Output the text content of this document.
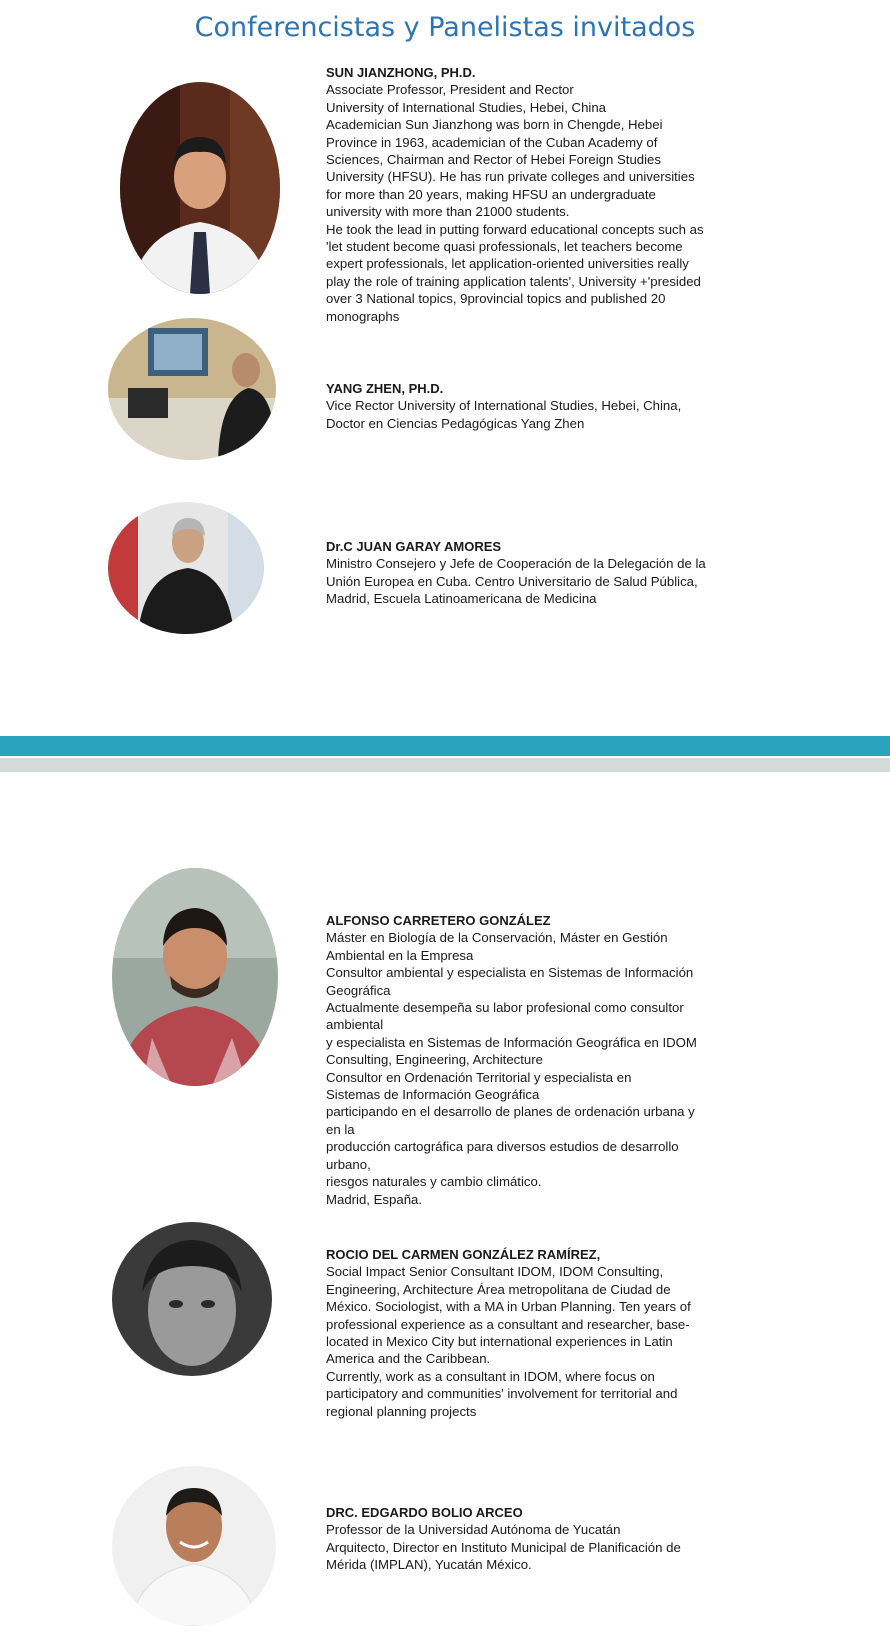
Conferencistas y Panelistas invitados
SUN JIANZHONG, PH.D.
Associate Professor, President and Rector
University of International Studies, Hebei, China
Academician Sun Jianzhong was born in Chengde, Hebei
Province in 1963, academician of the Cuban Academy of
Sciences, Chairman and Rector of Hebei Foreign Studies
University (HFSU). He has run private colleges and universities
for more than 20 years, making HFSU an undergraduate
university with more than 21000 students.
He took the lead in putting forward educational concepts such as
'let student become quasi professionals, let teachers become
expert professionals, let application-oriented universities really
play the role of training application talents', University +'presided
over 3 National topics, 9provincial topics and published 20
monographs
YANG ZHEN, PH.D.
Vice Rector University of International Studies, Hebei, China,
Doctor en Ciencias Pedagógicas Yang Zhen
Dr.C JUAN GARAY AMORES
Ministro Consejero y Jefe de Cooperación de la Delegación de la
Unión Europea en Cuba. Centro Universitario de Salud Pública,
Madrid, Escuela Latinoamericana de Medicina
ALFONSO CARRETERO GONZÁLEZ
Máster en Biología de la Conservación, Máster en Gestión
Ambiental en la Empresa
Consultor ambiental y especialista en Sistemas de Información
Geográfica
Actualmente desempeña su labor profesional como consultor
ambiental
y especialista en Sistemas de Información Geográfica en IDOM
Consulting, Engineering, Architecture
Consultor en Ordenación Territorial y especialista en
Sistemas de Información Geográfica
participando en el desarrollo de planes de ordenación urbana y
en la
producción cartográfica para diversos estudios de desarrollo
urbano,
riesgos naturales y cambio climático.
Madrid, España.
ROCIO DEL CARMEN GONZÁLEZ RAMÍREZ,
Social Impact Senior Consultant IDOM, IDOM Consulting,
Engineering, Architecture Área metropolitana de Ciudad de
México. Sociologist, with a MA in Urban Planning. Ten years of
professional experience as a consultant and researcher, base-
located in Mexico City but international experiences in Latin
America and the Caribbean.
Currently, work as a consultant in IDOM, where focus on
participatory and communities' involvement for territorial and
regional planning projects
DRC. EDGARDO BOLIO ARCEO
Professor de la Universidad Autónoma de Yucatán
Arquitecto, Director en Instituto Municipal de Planificación de
Mérida (IMPLAN), Yucatán México.
